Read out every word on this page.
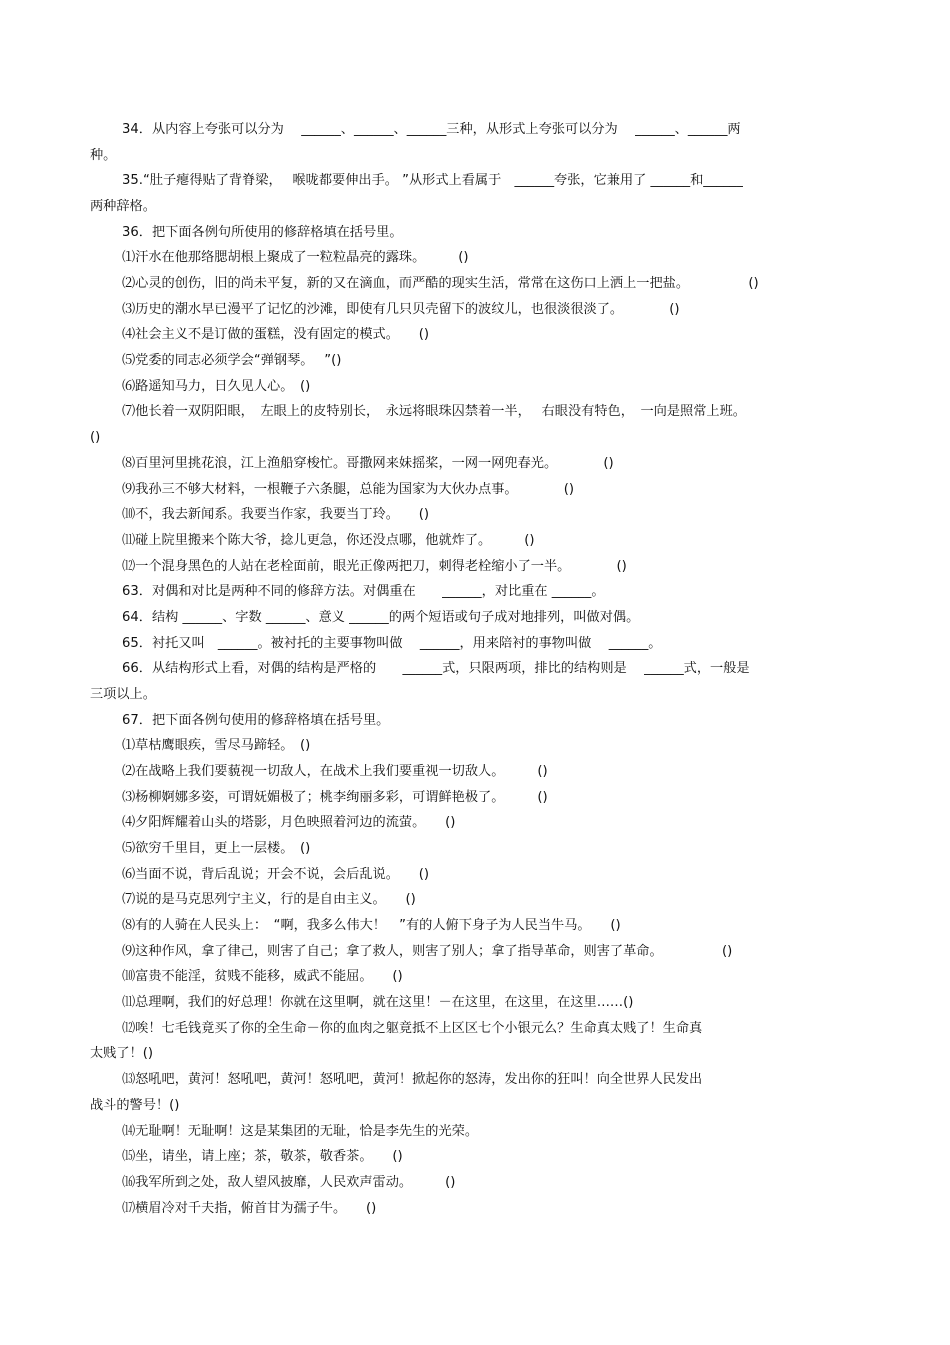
34．从内容上夸张可以分为　 ______、______、______三种，从形式上夸张可以分为　 ______、______两
种。
35.“肚子瘪得贴了背脊梁，　 喉咙都要伸出手。 ”从形式上看属于　______夸张，它兼用了 ______和______
两种辞格。
36．把下面各例句所使用的修辞格填在括号里。
⑴汗水在他那络腮胡根上聚成了一粒粒晶亮的露珠。　　　()
⑵心灵的创伤，旧的尚未平复，新的又在滴血，而严酷的现实生活，常常在这伤口上洒上一把盐。　　　　　()
⑶历史的潮水早已漫平了记忆的沙滩，即使有几只贝壳留下的波纹儿，也很淡很淡了。　　　　()
⑷社会主义不是订做的蛋糕，没有固定的模式。　　()
⑸党委的同志必须学会“弹钢琴。　 ”()
⑹路遥知马力，日久见人心。　()
⑺他长着一双阴阳眼，　左眼上的皮特别长，　永远将眼珠囚禁着一半，　 右眼没有特色，　一向是照常上班。
()
⑻百里河里挑花浪，江上渔船穿梭忙。哥撒网来妹摇桨，一网一网兜春光。　　　　()
⑼我孙三不够大材料，一根鞭子六条腿，总能为国家为大伙办点事。　　　　()
⑽不，我去新闻系。我要当作家，我要当丁玲。　　()
⑾碰上院里搬来个陈大爷，捻儿更急，你还没点哪，他就炸了。　　　()
⑿一个混身黑色的人站在老栓面前，眼光正像两把刀，刺得老栓缩小了一半。　　　　()
63．对偶和对比是两种不同的修辞方法。对偶重在　　______，对比重在 ______。
64．结构 ______、字数 ______、意义 ______的两个短语或句子成对地排列，叫做对偶。
65．衬托又叫　______。被衬托的主要事物叫做　 ______，用来陪衬的事物叫做　 ______。
66．从结构形式上看，对偶的结构是严格的　　______式，只限两项，排比的结构则是　 ______式，一般是
三项以上。
67．把下面各例句使用的修辞格填在括号里。
⑴草枯鹰眼疾，雪尽马蹄轻。　()
⑵在战略上我们要藐视一切敌人，在战术上我们要重视一切敌人。　　　()
⑶杨柳婀娜多姿，可谓妩媚极了；桃李绚丽多彩，可谓鲜艳极了。　　　()
⑷夕阳辉耀着山头的塔影，月色映照着河边的流萤。　　()
⑸欲穷千里目，更上一层楼。　()
⑹当面不说，背后乱说；开会不说，会后乱说。　　()
⑺说的是马克思列宁主义，行的是自由主义。　　()
⑻有的人骑在人民头上：　“啊，我多么伟大！　”有的人俯下身子为人民当牛马。　　()
⑼这种作风，拿了律己，则害了自己；拿了救人，则害了别人；拿了指导革命，则害了革命。　　　　　()
⑽富贵不能淫，贫贱不能移，威武不能屈。　　()
⑾总理啊，我们的好总理！你就在这里啊，就在这里！－在这里，在这里，在这里……()
⑿唉！七毛钱竟买了你的全生命－你的血肉之躯竟抵不上区区七个小银元么？生命真太贱了！生命真
太贱了！()
⒀怒吼吧，黄河！怒吼吧，黄河！怒吼吧，黄河！掀起你的怒涛，发出你的狂叫！向全世界人民发出
战斗的警号！()
⒁无耻啊！无耻啊！这是某集团的无耻，恰是李先生的光荣。
⒂坐，请坐，请上座；茶，敬茶，敬香茶。　　()
⒃我军所到之处，敌人望风披靡，人民欢声雷动。　　　()
⒄横眉冷对千夫指，俯首甘为孺子牛。　　()
